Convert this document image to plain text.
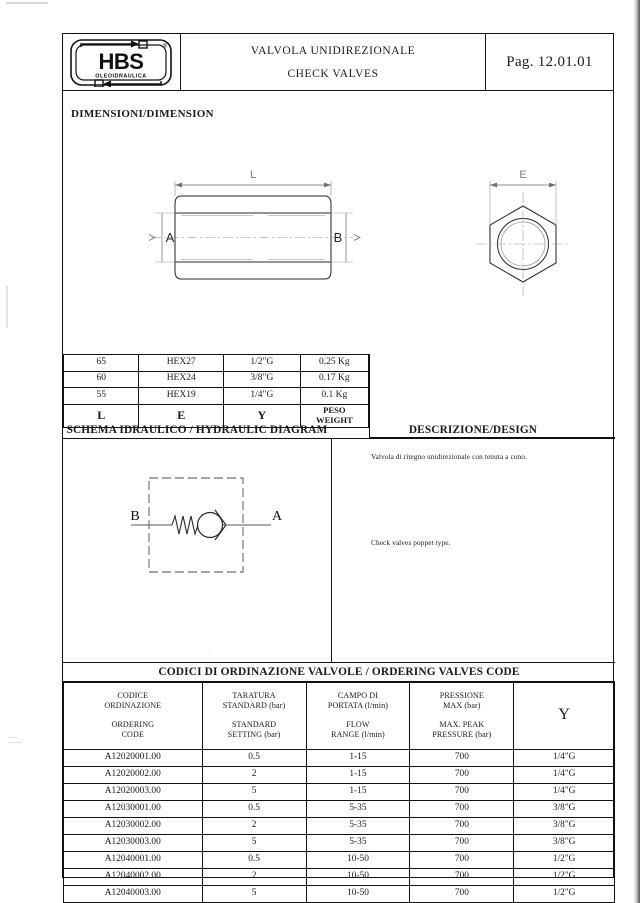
HBS
OLEOIDRAULICA
®	VALVOLA UNIDIREZIONALE
CHECK VALVES
Pag. 12.01.01
DIMENSIONI/DIMENSION
L	E
A	B
65	HEX27	1/2"G	0.25 Kg
60	HEX24	3/8"G	0.17 Kg
55	HEX19	1/4"G	0.1 Kg
L	E	Y	PESO
WEIGHT
SCHEMA IDRAULICO / HYDRAULIC DIAGRAM	DESCRIZIONE/DESIGN
B	A
Valvola di ritegno unidirezionale con tenuta a cono.
Check valves poppet type.
'
CODICI DI ORDINAZIONE VALVOLE / ORDERING VALVES CODE
CODICE
ORDINAZIONE
ORDERING
CODE

TARATURA
STANDARD (bar)
STANDARD
SETTING (bar)

CAMPO DI
PORTATA (l/min)
FLOW
RANGE (l/min)

PRESSIONE
MAX (bar)
MAX. PEAK
PRESSURE (bar)
	Y
A12020001.00	0.5	1-15	700	1/4"G
A12020002.00	2	1-15	700	1/4"G
A12020003.00	5	1-15	700	1/4"G
A12030001.00	0.5	5-35	700	3/8"G
A12030002.00	2	5-35	700	3/8"G
A12030003.00	5	5-35	700	3/8"G
A12040001.00	0.5	10-50	700	1/2"G
A12040002.00	2	10-50	700	1/2"G
A12040003.00	5	10-50	700	1/2"G
